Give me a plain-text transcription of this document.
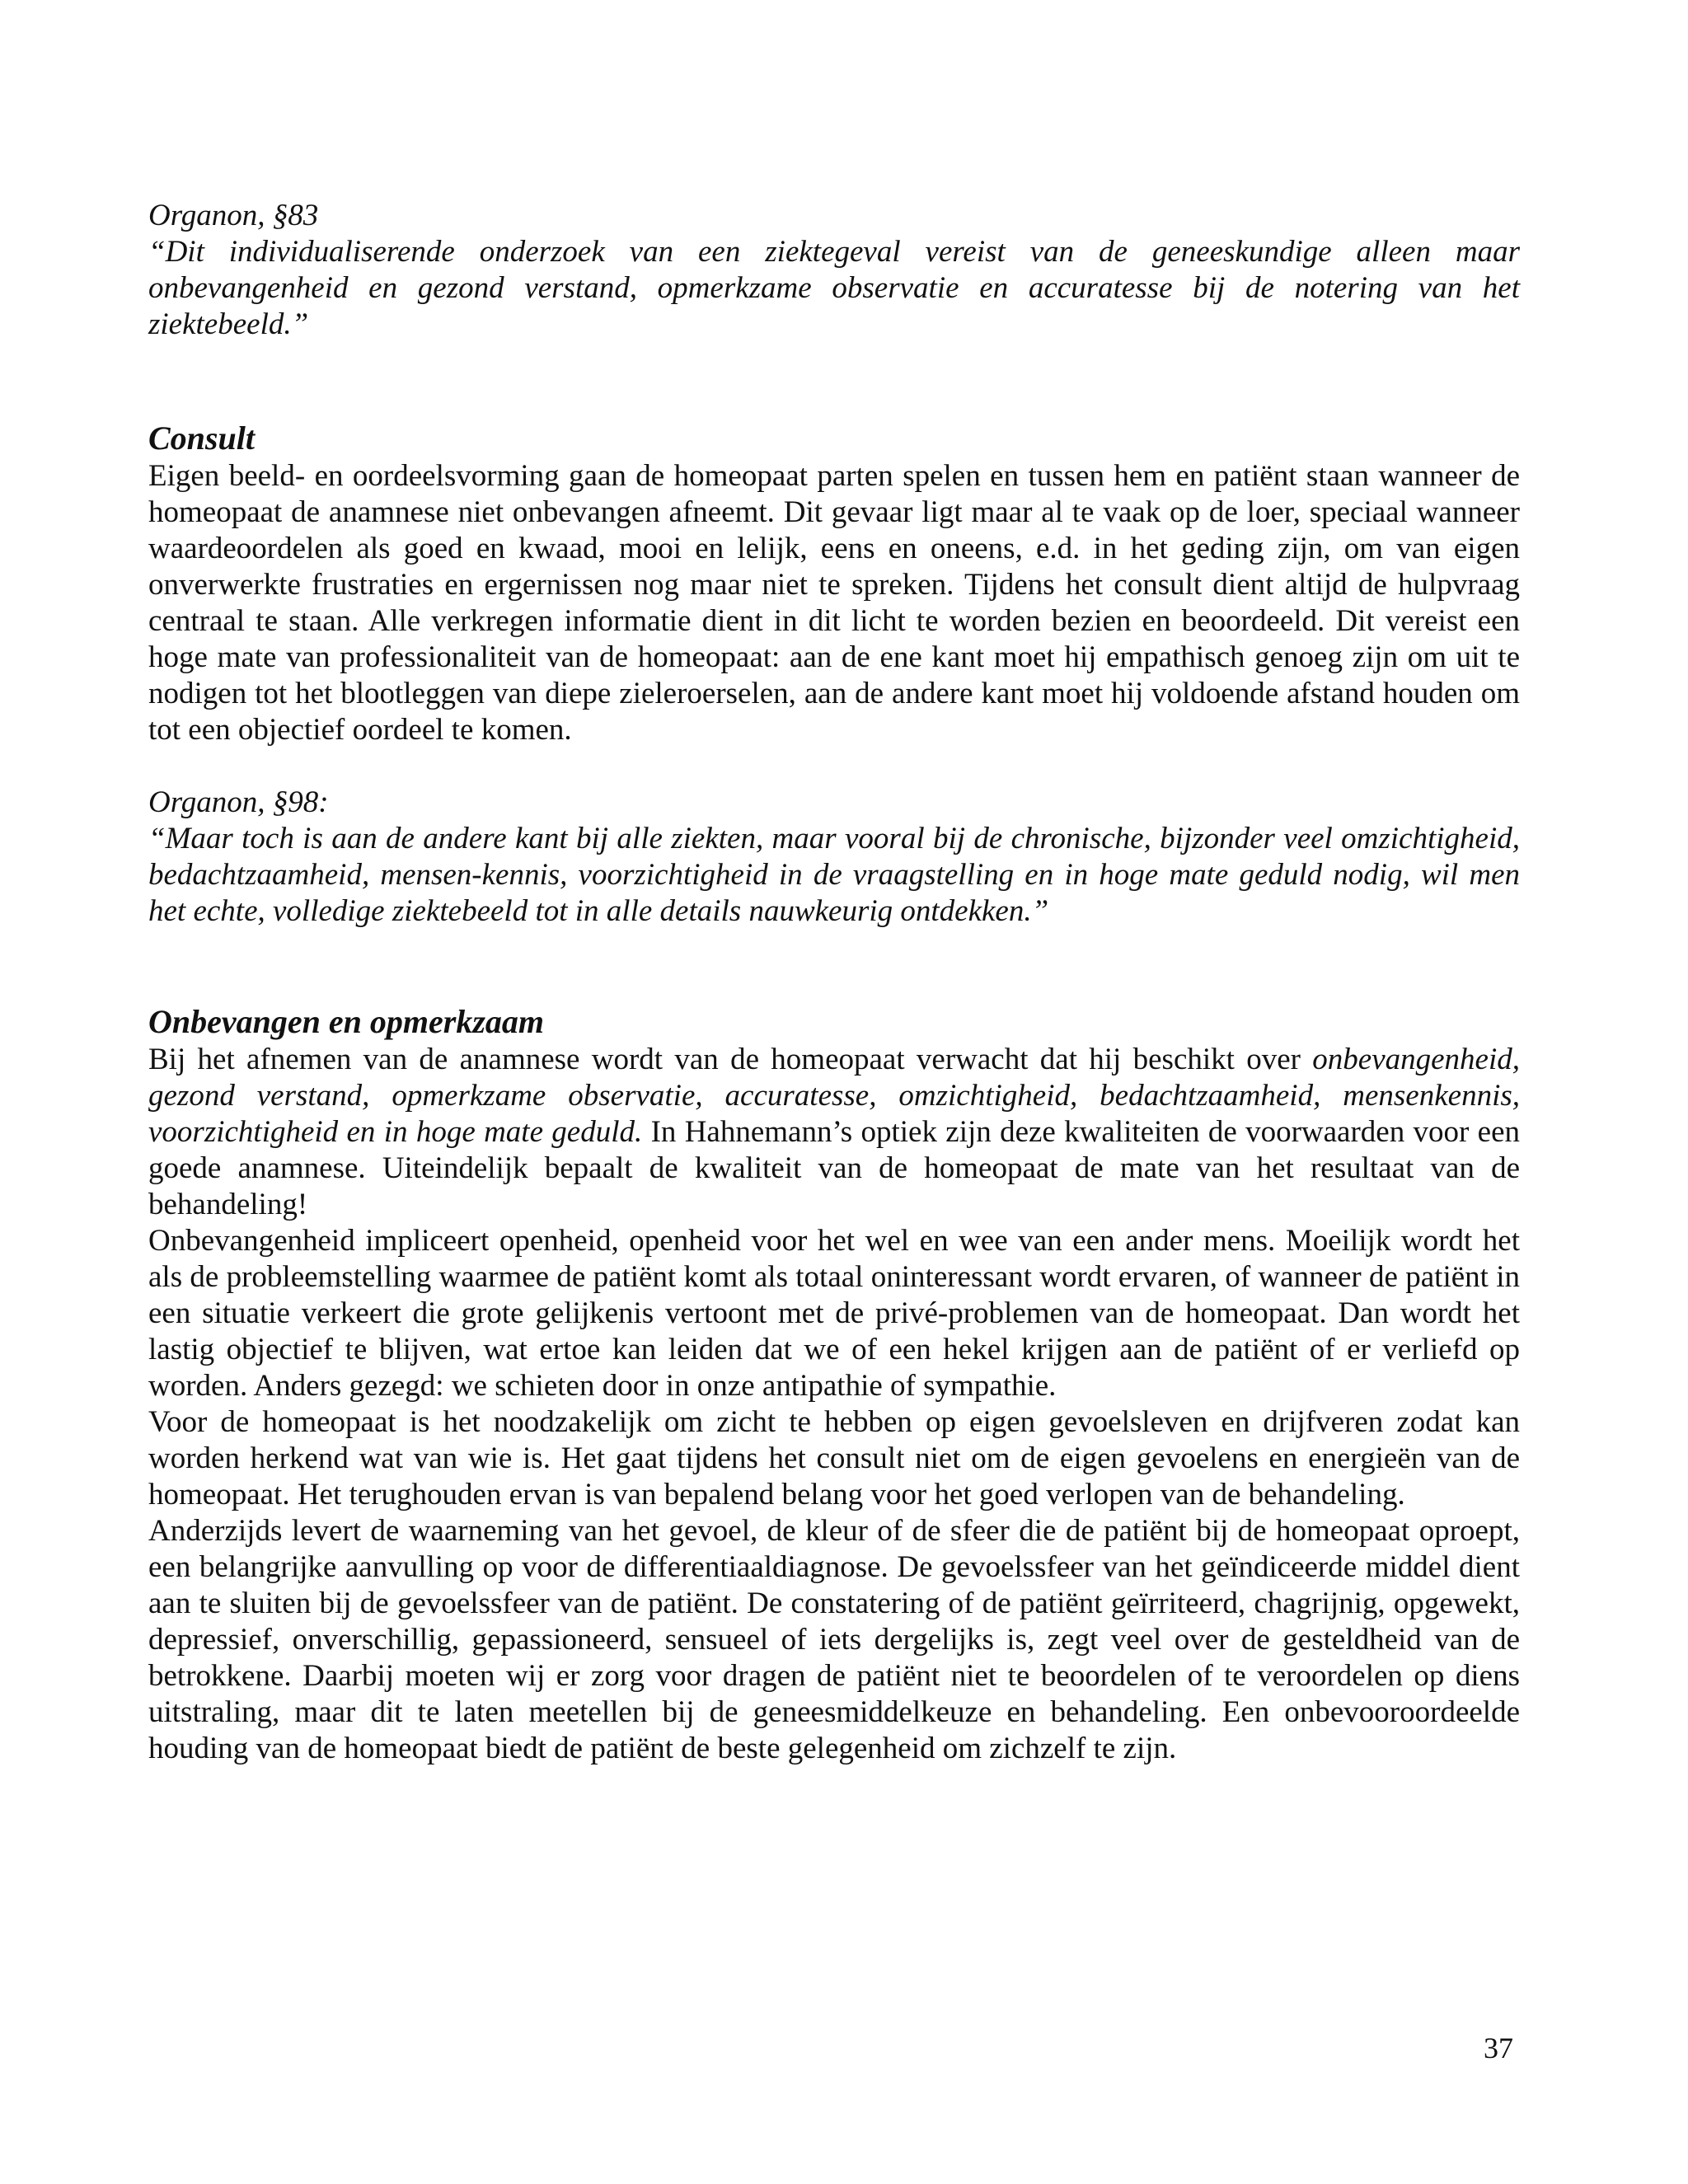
Organon, §83

“Dit individualiserende onderzoek van een ziektegeval vereist van de geneeskundige alleen maar onbevangenheid en gezond verstand, opmerkzame observatie en accuratesse bij de notering van het ziektebeeld.”

Consult

Eigen beeld- en oordeelsvorming gaan de homeopaat parten spelen en tussen hem en patiënt staan wanneer de homeopaat de anamnese niet onbevangen afneemt. Dit gevaar ligt maar al te vaak op de loer, speciaal wanneer waardeoordelen als goed en kwaad, mooi en lelijk, eens en oneens, e.d. in het geding zijn, om van eigen onverwerkte frustraties en ergernissen nog maar niet te spreken. Tijdens het consult dient altijd de hulpvraag centraal te staan. Alle verkregen informatie dient in dit licht te worden bezien en beoordeeld. Dit vereist een hoge mate van professionaliteit van de homeopaat: aan de ene kant moet hij empathisch genoeg zijn om uit te nodigen tot het blootleggen van diepe zieleroerselen, aan de andere kant moet hij voldoende afstand houden om tot een objectief oordeel te komen.

Organon, §98:

“Maar toch is aan de andere kant bij alle ziekten, maar vooral bij de chronische, bijzonder veel omzichtigheid, bedachtzaamheid, mensen-kennis, voorzichtigheid in de vraagstelling en in hoge mate geduld nodig, wil men het echte, volledige ziektebeeld tot in alle details nauwkeurig ontdekken.”

Onbevangen en opmerkzaam

Bij het afnemen van de anamnese wordt van de homeopaat verwacht dat hij beschikt over onbevangenheid, gezond verstand, opmerkzame observatie, accuratesse, omzichtigheid, bedachtzaamheid, mensenkennis, voorzichtigheid en in hoge mate geduld. In Hahnemann’s optiek zijn deze kwaliteiten de voorwaarden voor een goede anamnese. Uiteindelijk bepaalt de kwaliteit van de homeopaat de mate van het resultaat van de behandeling!

Onbevangenheid impliceert openheid, openheid voor het wel en wee van een ander mens. Moeilijk wordt het als de probleemstelling waarmee de patiënt komt als totaal oninteressant wordt ervaren, of wanneer de patiënt in een situatie verkeert die grote gelijkenis vertoont met de privé-problemen van de homeopaat. Dan wordt het lastig objectief te blijven, wat ertoe kan leiden dat we of een hekel krijgen aan de patiënt of er verliefd op worden. Anders gezegd: we schieten door in onze antipathie of sympathie.

Voor de homeopaat is het noodzakelijk om zicht te hebben op eigen gevoelsleven en drijfveren zodat kan worden herkend wat van wie is. Het gaat tijdens het consult niet om de eigen gevoelens en energieën van de homeopaat. Het terughouden ervan is van bepalend belang voor het goed verlopen van de behandeling.

Anderzijds levert de waarneming van het gevoel, de kleur of de sfeer die de patiënt bij de homeopaat oproept, een belangrijke aanvulling op voor de differentiaaldiagnose. De gevoelssfeer van het geïndiceerde middel dient aan te sluiten bij de gevoelssfeer van de patiënt. De constatering of de patiënt geïrriteerd, chagrijnig, opgewekt, depressief, onverschillig, gepassioneerd, sensueel of iets dergelijks is, zegt veel over de gesteldheid van de betrokkene. Daarbij moeten wij er zorg voor dragen de patiënt niet te beoordelen of te veroordelen op diens uitstraling, maar dit te laten meetellen bij de geneesmiddelkeuze en behandeling. Een onbevooroordeelde houding van de homeopaat biedt de patiënt de beste gelegenheid om zichzelf te zijn.

37
